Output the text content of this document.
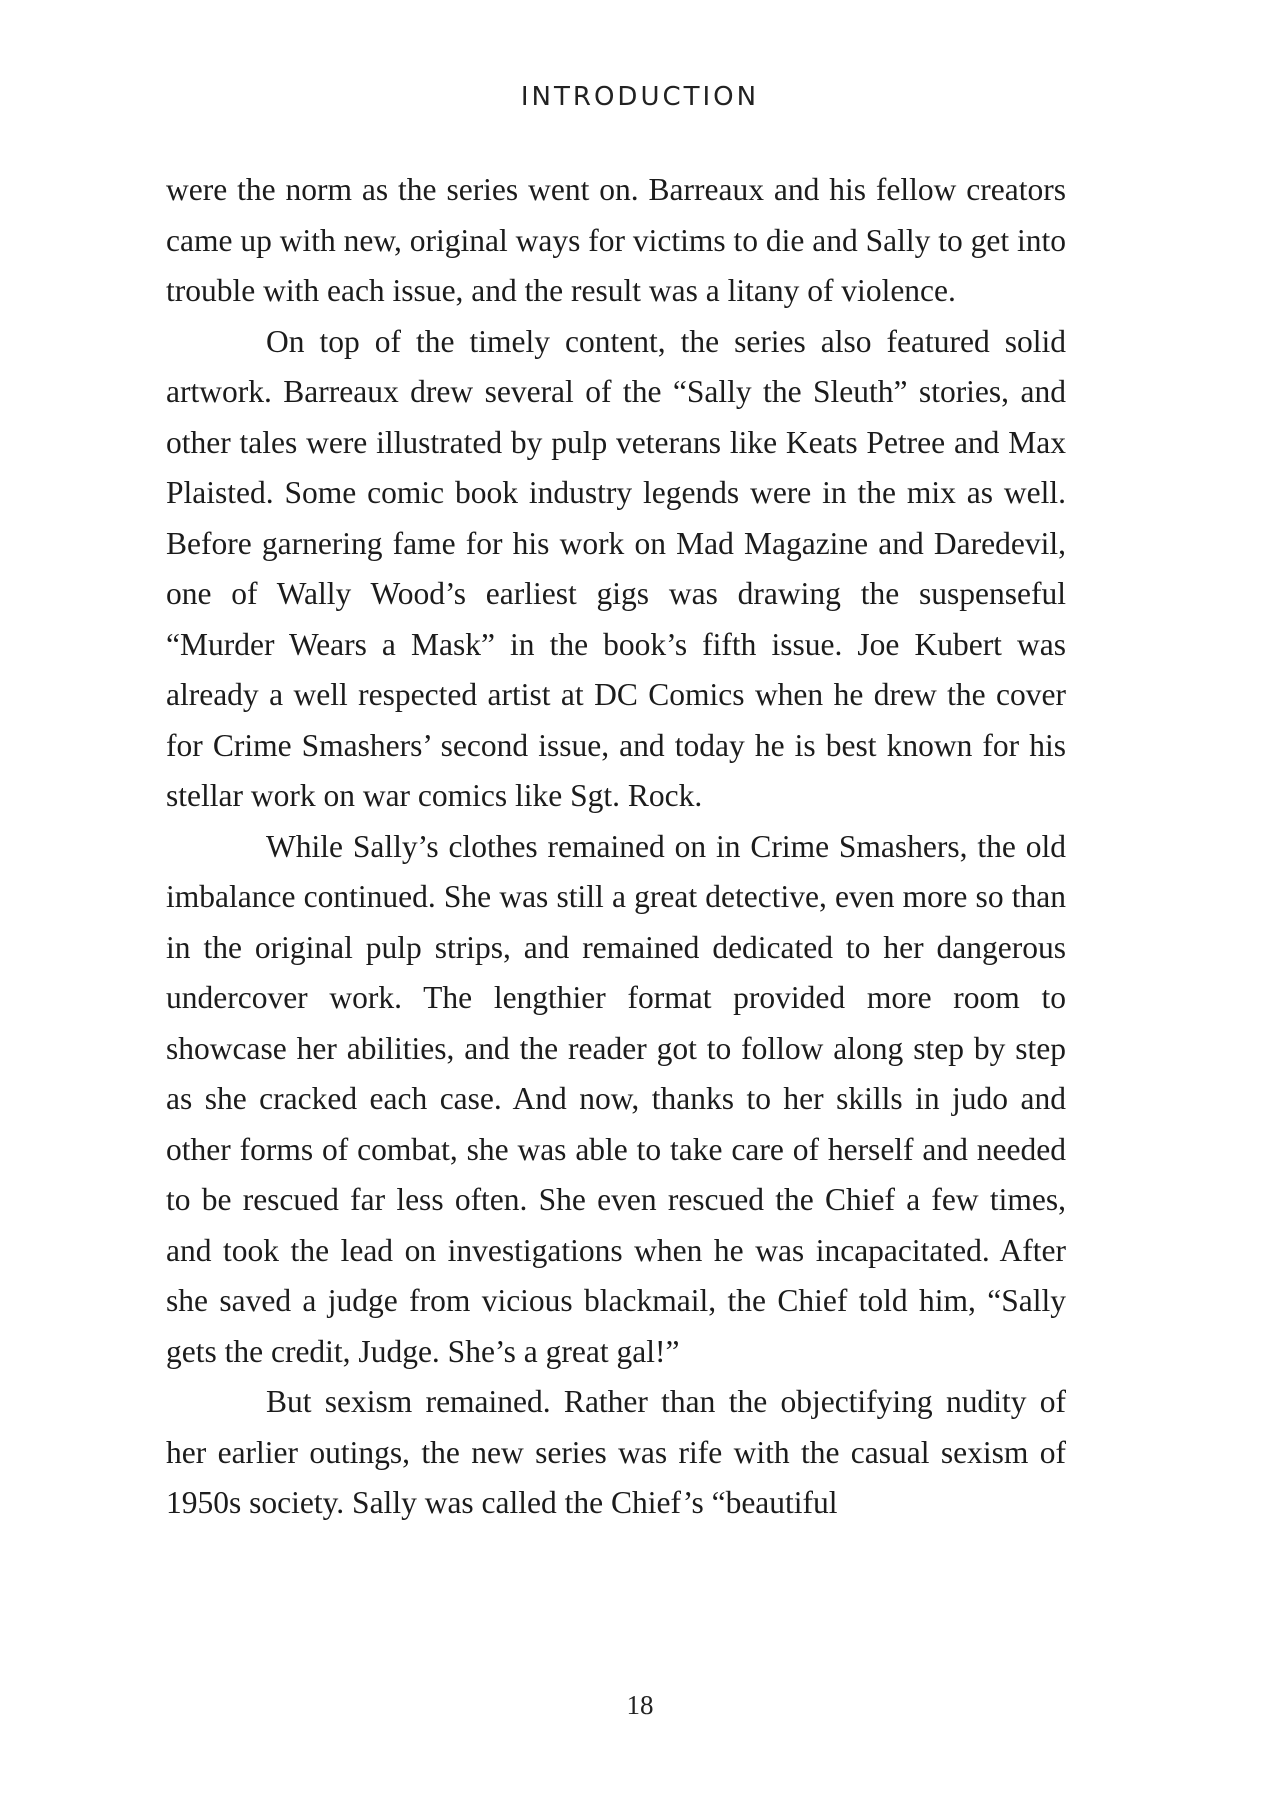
INTRODUCTION

were the norm as the series went on. Barreaux and his fellow creators came up with new, original ways for victims to die and Sally to get into trouble with each issue, and the result was a litany of violence.

On top of the timely content, the series also featured solid artwork. Barreaux drew several of the “Sally the Sleuth” stories, and other tales were illustrated by pulp veterans like Keats Petree and Max Plaisted. Some comic book industry legends were in the mix as well. Before garnering fame for his work on Mad Magazine and Daredevil, one of Wally Wood’s earliest gigs was drawing the suspenseful “Murder Wears a Mask” in the book’s fifth issue. Joe Kubert was already a well respected artist at DC Comics when he drew the cover for Crime Smashers’ second issue, and today he is best known for his stellar work on war comics like Sgt. Rock.

While Sally’s clothes remained on in Crime Smashers, the old imbalance continued. She was still a great detective, even more so than in the original pulp strips, and remained dedicated to her dangerous undercover work. The lengthier format provided more room to showcase her abilities, and the reader got to follow along step by step as she cracked each case. And now, thanks to her skills in judo and other forms of combat, she was able to take care of herself and needed to be rescued far less often. She even rescued the Chief a few times, and took the lead on investigations when he was incapacitated. After she saved a judge from vicious blackmail, the Chief told him, “Sally gets the credit, Judge. She’s a great gal!”

But sexism remained. Rather than the objectifying nudity of her earlier outings, the new series was rife with the casual sexism of 1950s society. Sally was called the Chief’s “beautiful

18
